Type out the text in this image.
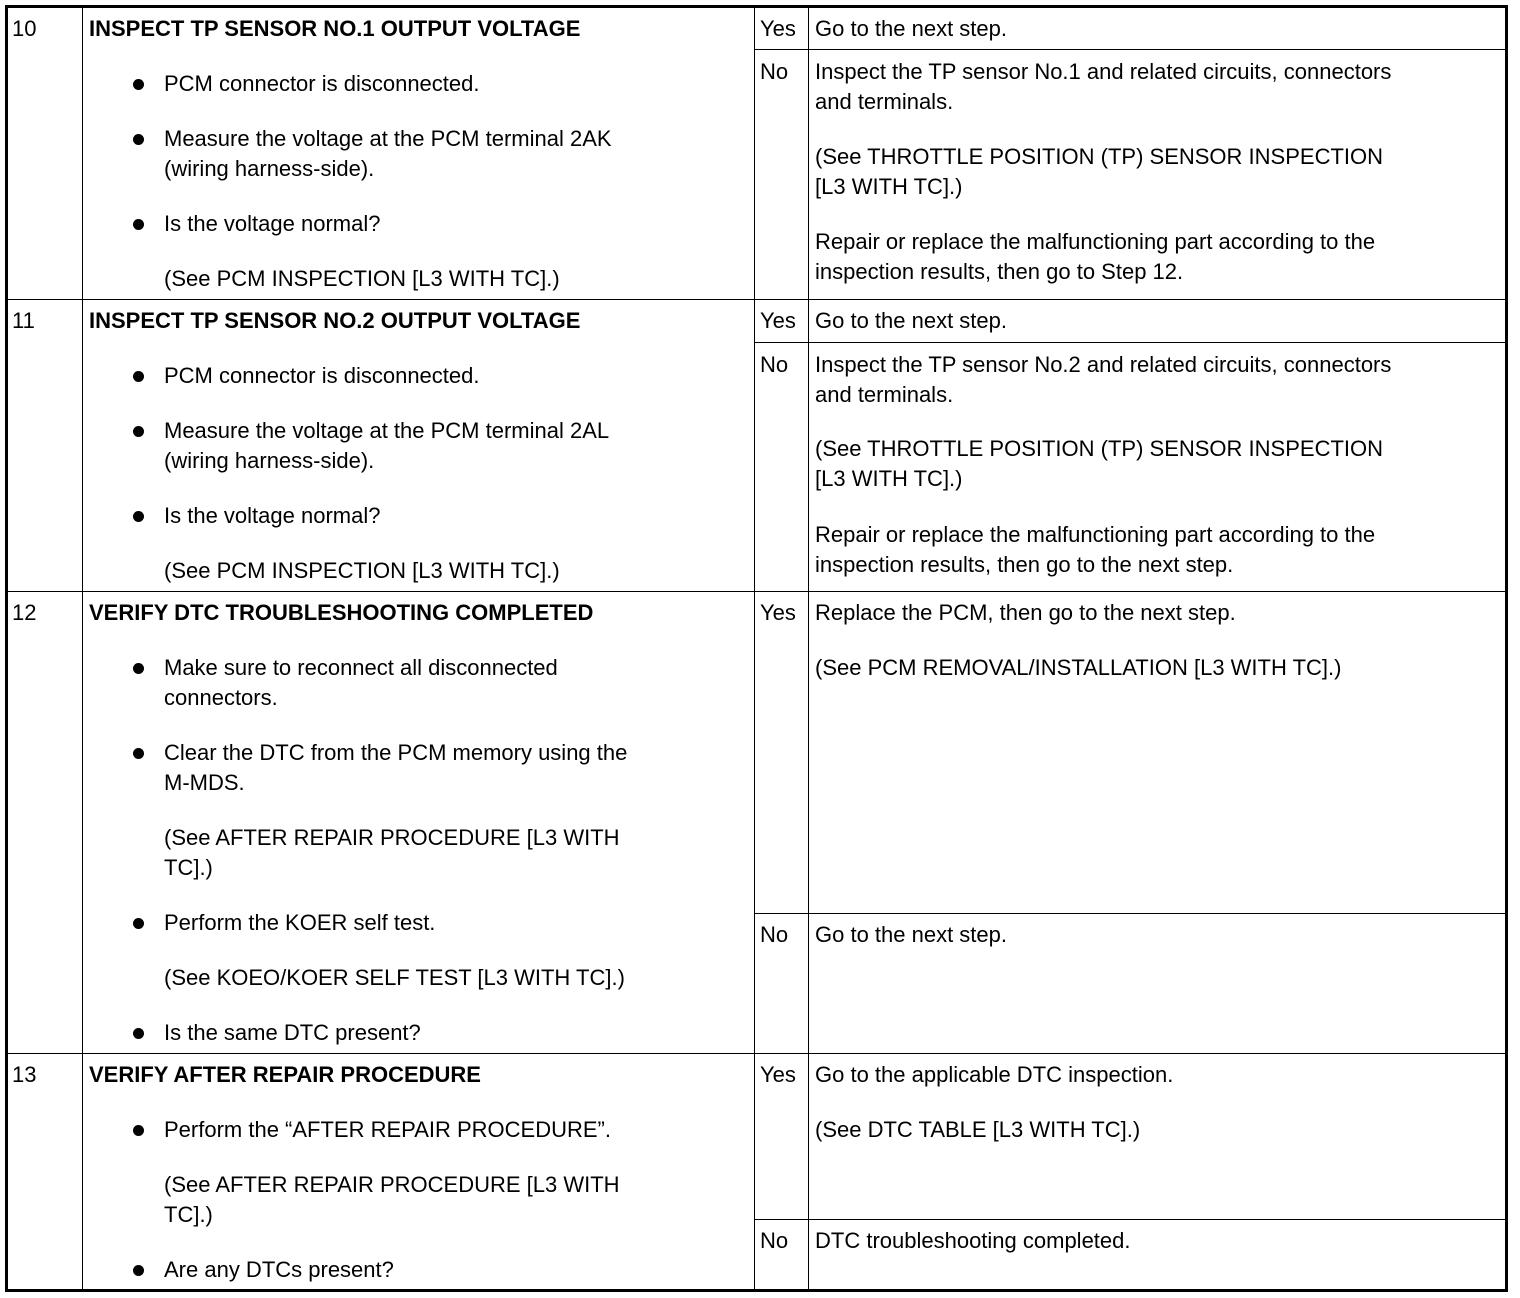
10 INSPECT TP SENSOR NO.1 OUTPUT VOLTAGE
PCM connector is disconnected.
Measure the voltage at the PCM terminal 2AK
(wiring harness-side).
Is the voltage normal?
(See PCM INSPECTION [L3 WITH TC].)
Yes Go to the next step.
No Inspect the TP sensor No.1 and related circuits, connectors
and terminals.
(See THROTTLE POSITION (TP) SENSOR INSPECTION
[L3 WITH TC].)
Repair or replace the malfunctioning part according to the
inspection results, then go to Step 12.
11 INSPECT TP SENSOR NO.2 OUTPUT VOLTAGE
PCM connector is disconnected.
Measure the voltage at the PCM terminal 2AL
(wiring harness-side).
Is the voltage normal?
(See PCM INSPECTION [L3 WITH TC].)
Yes Go to the next step.
No Inspect the TP sensor No.2 and related circuits, connectors
and terminals.
(See THROTTLE POSITION (TP) SENSOR INSPECTION
[L3 WITH TC].)
Repair or replace the malfunctioning part according to the
inspection results, then go to the next step.
12 VERIFY DTC TROUBLESHOOTING COMPLETED
Make sure to reconnect all disconnected
connectors.
Clear the DTC from the PCM memory using the
M-MDS.
(See AFTER REPAIR PROCEDURE [L3 WITH
TC].)
Perform the KOER self test.
(See KOEO/KOER SELF TEST [L3 WITH TC].)
Is the same DTC present?
Yes Replace the PCM, then go to the next step.
(See PCM REMOVAL/INSTALLATION [L3 WITH TC].)
No Go to the next step.
13 VERIFY AFTER REPAIR PROCEDURE
Perform the “AFTER REPAIR PROCEDURE”.
(See AFTER REPAIR PROCEDURE [L3 WITH
TC].)
Are any DTCs present?
Yes Go to the applicable DTC inspection.
(See DTC TABLE [L3 WITH TC].)
No DTC troubleshooting completed.
